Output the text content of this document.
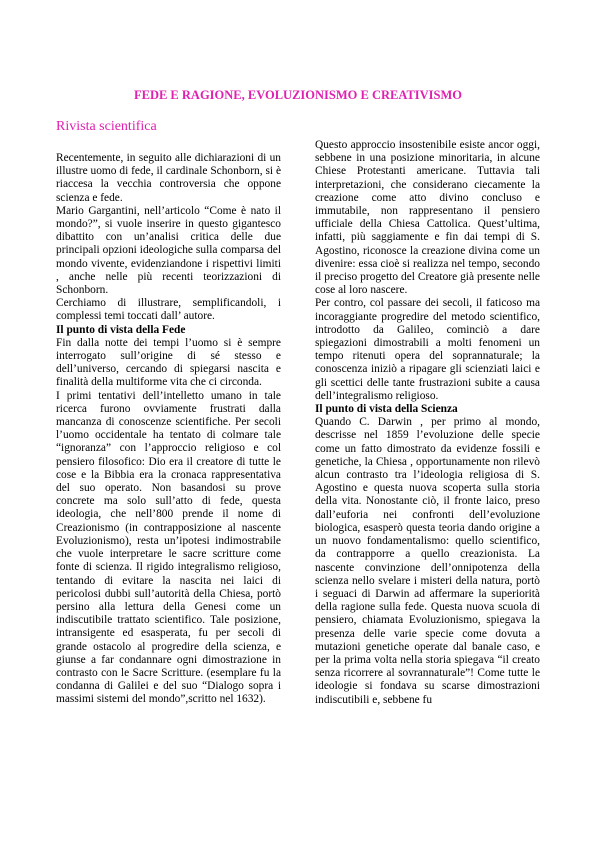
FEDE E RAGIONE, EVOLUZIONISMO E CREATIVISMO
Rivista scientifica

Recentemente, in seguito alle dichiarazioni di un illustre uomo di fede, il cardinale Schonborn, si è riaccesa la vecchia controversia che oppone scienza e fede.

Mario Gargantini, nell’articolo “Come è nato il mondo?”, si vuole inserire in questo gigantesco dibattito con un’analisi critica delle due principali opzioni ideologiche sulla comparsa del mondo vivente, evidenziandone i rispettivi limiti , anche nelle più recenti teorizzazioni di Schonborn.

Cerchiamo di illustrare, semplificandoli, i complessi temi toccati dall’ autore.

Il punto di vista della Fede

Fin dalla notte dei tempi l’uomo si è sempre interrogato sull’origine di sé stesso e dell’universo, cercando di spiegarsi nascita e finalità della multiforme vita che ci circonda.

I primi tentativi dell’intelletto umano in tale ricerca furono ovviamente frustrati dalla mancanza di conoscenze scientifiche. Per secoli l’uomo occidentale ha tentato di colmare tale “ignoranza” con l’approccio religioso e col pensiero filosofico: Dio era il creatore di tutte le cose e la Bibbia era la cronaca rappresentativa del suo operato. Non basandosi su prove concrete ma solo sull’atto di fede, questa ideologia, che nell’800 prende il nome di Creazionismo (in contrapposizione al nascente Evoluzionismo), resta un’ipotesi indimostrabile che vuole interpretare le sacre scritture come fonte di scienza. Il rigido integralismo religioso, tentando di evitare la nascita nei laici di pericolosi dubbi sull’autorità della Chiesa, portò persino alla lettura della Genesi come un indiscutibile trattato scientifico. Tale posizione, intransigente ed esasperata, fu per secoli di grande ostacolo al progredire della scienza, e giunse a far condannare ogni dimostrazione in contrasto con le Sacre Scritture. (esemplare fu la condanna di Galilei e del suo “Dialogo sopra i massimi sistemi del mondo”,scritto nel 1632).

Questo approccio insostenibile esiste ancor oggi, sebbene in una posizione minoritaria, in alcune Chiese Protestanti americane. Tuttavia tali interpretazioni, che considerano ciecamente la creazione come atto divino concluso e immutabile, non rappresentano il pensiero ufficiale della Chiesa Cattolica. Quest’ultima, infatti, più saggiamente e fin dai tempi di S. Agostino, riconosce la creazione divina come un divenire: essa cioè si realizza nel tempo, secondo il preciso progetto del Creatore già presente nelle cose al loro nascere.

Per contro, col passare dei secoli, il faticoso ma incoraggiante progredire del metodo scientifico, introdotto da Galileo, cominciò a dare spiegazioni dimostrabili a molti fenomeni un tempo ritenuti opera del soprannaturale; la conoscenza iniziò a ripagare gli scienziati laici e gli scettici delle tante frustrazioni subite a causa dell’integralismo religioso.

Il punto di vista della Scienza

Quando C. Darwin , per primo al mondo, descrisse nel 1859 l’evoluzione delle specie come un fatto dimostrato da evidenze fossili e genetiche, la Chiesa , opportunamente non rilevò alcun contrasto tra l’ideologia religiosa di S. Agostino e questa nuova scoperta sulla storia della vita. Nonostante ciò, il fronte laico, preso dall’euforia nei confronti dell’evoluzione biologica, esasperò questa teoria dando origine a un nuovo fondamentalismo: quello scientifico, da contrapporre a quello creazionista. La nascente convinzione dell’onnipotenza della scienza nello svelare i misteri della natura, portò i seguaci di Darwin ad affermare la superiorità della ragione sulla fede. Questa nuova scuola di pensiero, chiamata Evoluzionismo, spiegava la presenza delle varie specie come dovuta a mutazioni genetiche operate dal banale caso, e per la prima volta nella storia spiegava “il creato senza ricorrere al sovrannaturale”! Come tutte le ideologie si fondava su scarse dimostrazioni indiscutibili e, sebbene fu
